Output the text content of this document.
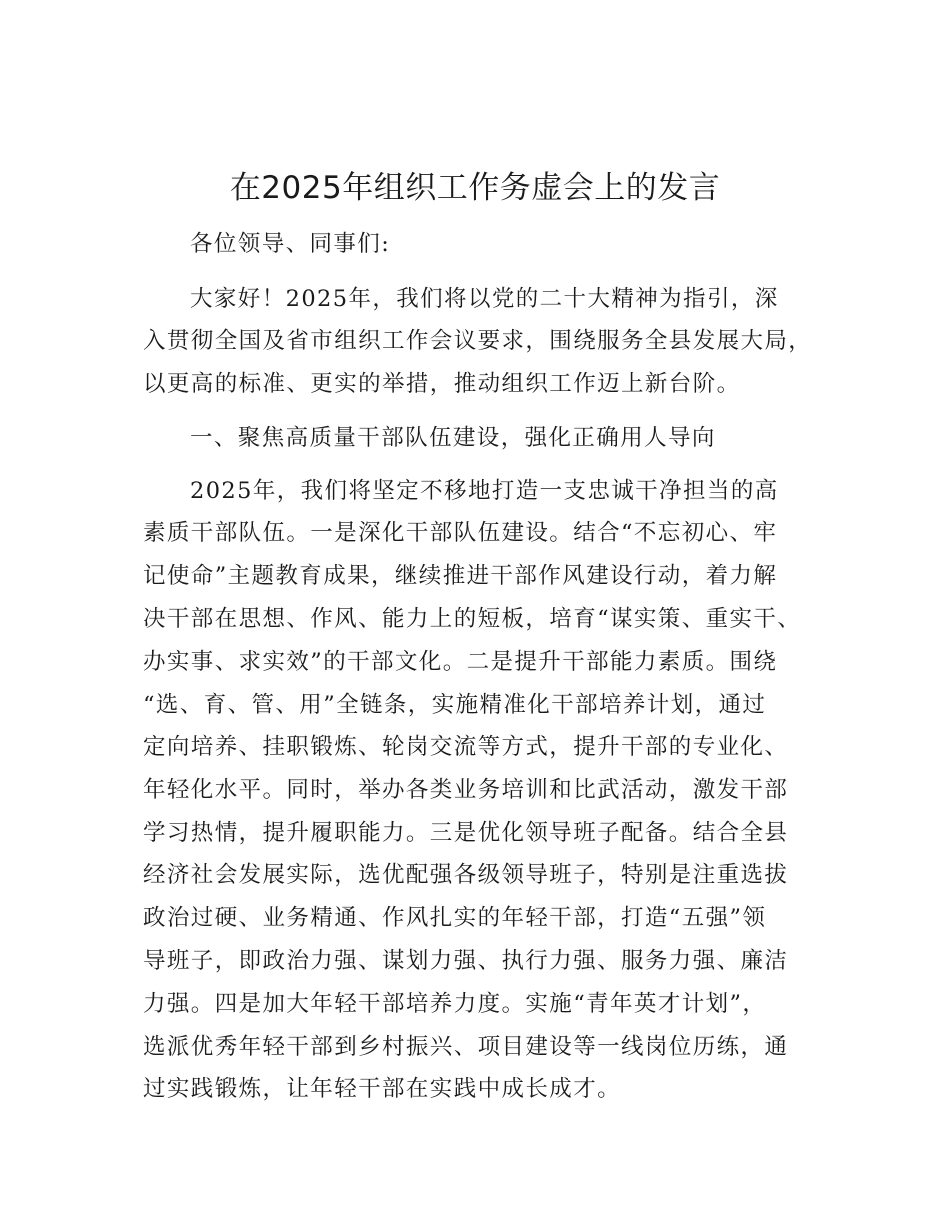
在2025年组织工作务虚会上的发言

各位领导、同事们:

大家好！2025年，我们将以党的二十大精神为指引，深

入贯彻全国及省市组织工作会议要求，围绕服务全县发展大局，

以更高的标准、更实的举措，推动组织工作迈上新台阶。

一、聚焦高质量干部队伍建设，强化正确用人导向

2025年，我们将坚定不移地打造一支忠诚干净担当的高

素质干部队伍。一是深化干部队伍建设。结合“不忘初心、牢

记使命”主题教育成果，继续推进干部作风建设行动，着力解

决干部在思想、作风、能力上的短板，培育“谋实策、重实干、

办实事、求实效”的干部文化。二是提升干部能力素质。围绕

“选、育、管、用”全链条，实施精准化干部培养计划，通过

定向培养、挂职锻炼、轮岗交流等方式，提升干部的专业化、

年轻化水平。同时，举办各类业务培训和比武活动，激发干部

学习热情，提升履职能力。三是优化领导班子配备。结合全县

经济社会发展实际，选优配强各级领导班子，特别是注重选拔

政治过硬、业务精通、作风扎实的年轻干部，打造“五强”领

导班子，即政治力强、谋划力强、执行力强、服务力强、廉洁

力强。四是加大年轻干部培养力度。实施“青年英才计划”，

选派优秀年轻干部到乡村振兴、项目建设等一线岗位历练，通

过实践锻炼，让年轻干部在实践中成长成才。
